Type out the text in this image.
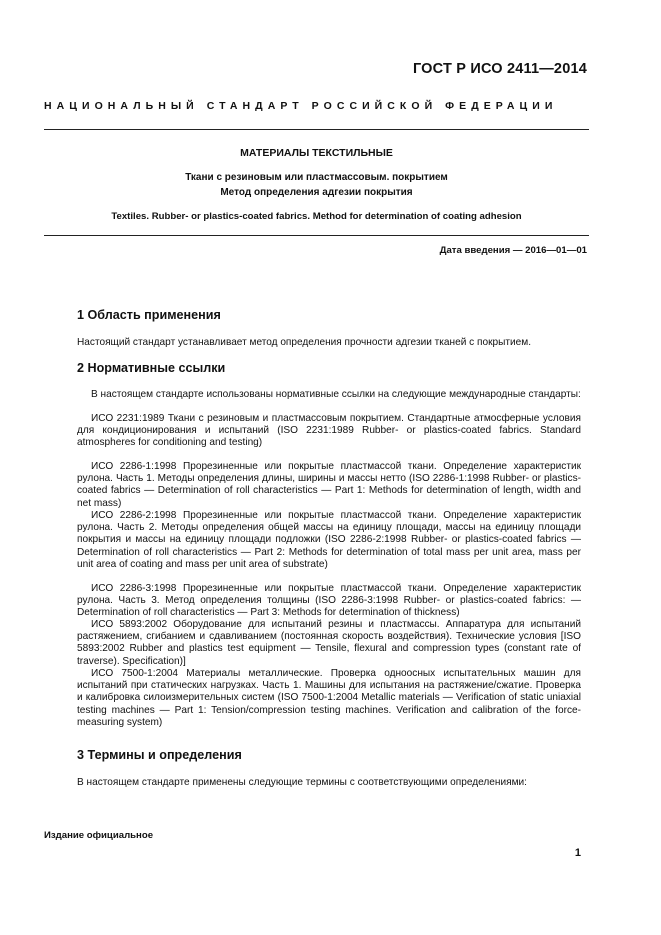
ГОСТ Р ИСО 2411—2014
НАЦИОНАЛЬНЫЙ СТАНДАРТ РОССИЙСКОЙ ФЕДЕРАЦИИ
МАТЕРИАЛЫ ТЕКСТИЛЬНЫЕ
Ткани с резиновым или пластмассовым. покрытием
Метод определения адгезии покрытия
Textiles. Rubber- or plastics-coated fabrics. Method for determination of coating adhesion
Дата введения — 2016—01—01
1 Область применения
Настоящий стандарт устанавливает метод определения прочности адгезии тканей с покрытием.
2 Нормативные ссылки
В настоящем стандарте использованы нормативные ссылки на следующие международные стандарты:
ИСО 2231:1989 Ткани с резиновым и пластмассовым покрытием. Стандартные атмосферные условия для кондиционирования и испытаний (ISO 2231:1989 Rubber- or plastics-coated fabrics. Standard atmospheres for conditioning and testing)
ИСО 2286-1:1998 Прорезиненные или покрытые пластмассой ткани. Определение характеристик рулона. Часть 1. Методы определения длины, ширины и массы нетто (ISO 2286-1:1998 Rubber- or plastics-coated fabrics — Determination of roll characteristics — Part 1: Methods for determination of length, width and net mass)
ИСО 2286-2:1998 Прорезиненные или покрытые пластмассой ткани. Определение характеристик рулона. Часть 2. Методы определения общей массы на единицу площади, массы на единицу площади покрытия и массы на единицу площади подложки (ISO 2286-2:1998 Rubber- or plastics-coated fabrics — Determination of roll characteristics — Part 2: Methods for determination of total mass per unit area, mass per unit area of coating and mass per unit area of substrate)
ИСО 2286-3:1998 Прорезиненные или покрытые пластмассой ткани. Определение характеристик рулона. Часть 3. Метод определения толщины (ISO 2286-3:1998 Rubber- or plastics-coated fabrics: — Determination of roll characteristics — Part 3: Methods for determination of thickness)
ИСО 5893:2002 Оборудование для испытаний резины и пластмассы. Аппаратура для испытаний растяжением, сгибанием и сдавливанием (постоянная скорость воздействия). Технические условия [ISO 5893:2002 Rubber and plastics test equipment — Tensile, flexural and compression types (constant rate of traverse). Specification)]
ИСО 7500-1:2004 Материалы металлические. Проверка одноосных испытательных машин для испытаний при статических нагрузках. Часть 1. Машины для испытания на растяжение/сжатие. Проверка и калибровка силоизмерительных систем (ISO 7500-1:2004 Metallic materials — Verification of static uniaxial testing machines — Part 1: Tension/compression testing machines. Verification and calibration of the force-measuring system)
3 Термины и определения
В настоящем стандарте применены следующие термины с соответствующими определениями:
Издание официальное
1
